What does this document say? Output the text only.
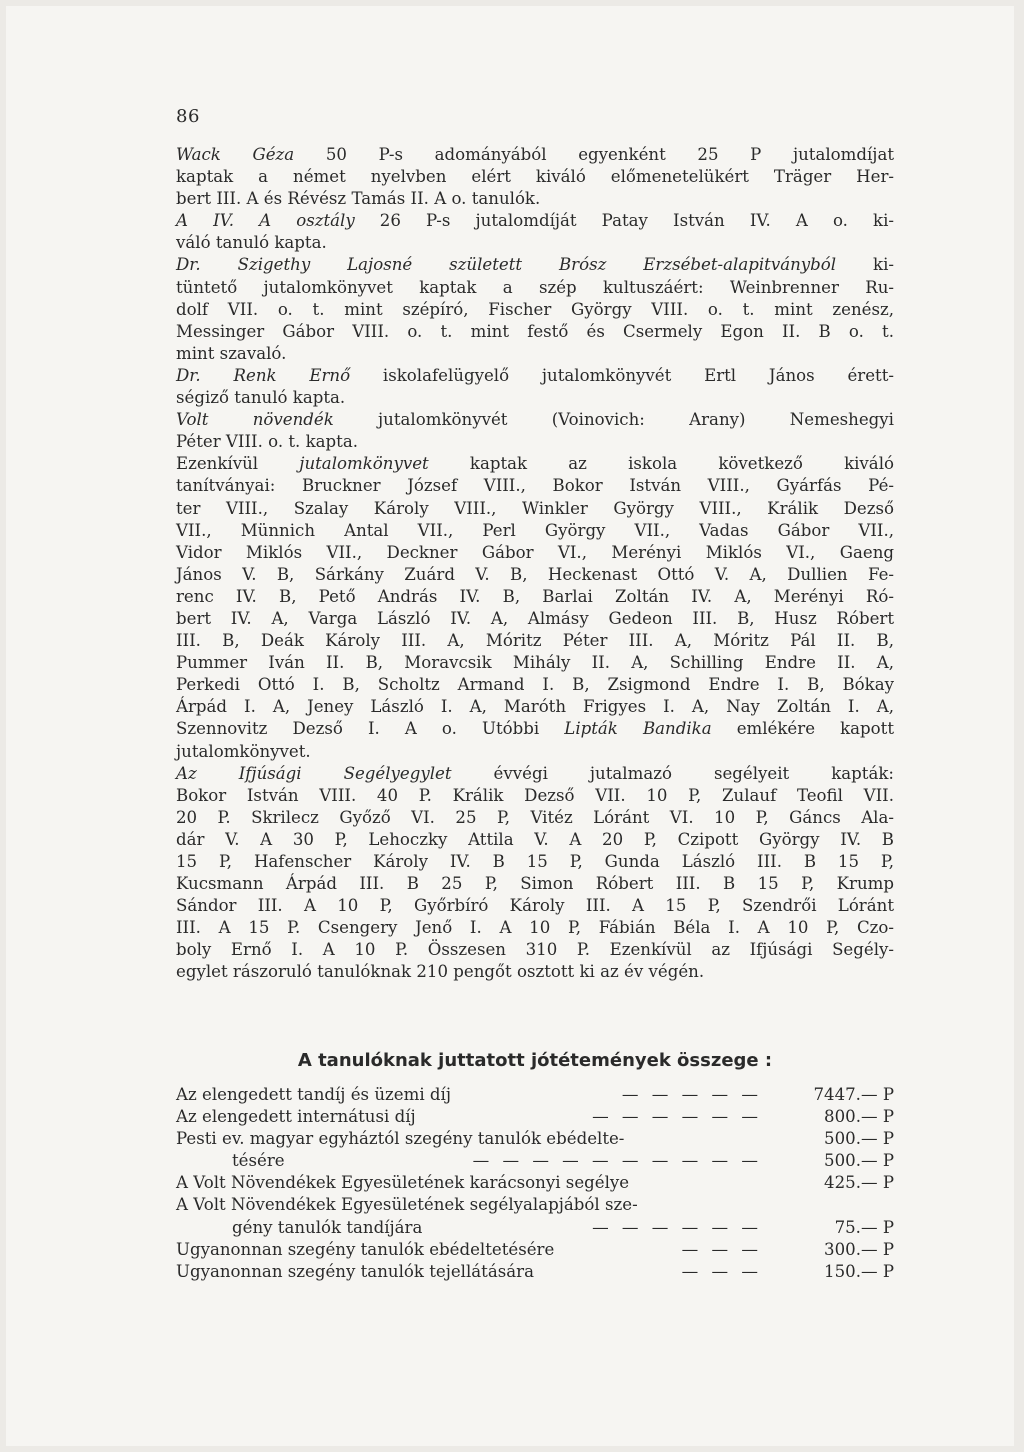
86
Wack Géza 50 P-s adományából egyenként 25 P jutalomdíjat
kaptak a német nyelvben elért kiváló előmenetelükért Träger Her-
bert III. A és Révész Tamás II. A o. tanulók.
A IV. A osztály 26 P-s jutalomdíját Patay István IV. A o. ki-
váló tanuló kapta.
Dr. Szigethy Lajosné született Brósz Erzsébet-alapitványból ki-
tüntető jutalomkönyvet kaptak a szép kultuszáért: Weinbrenner Ru-
dolf VII. o. t. mint szépíró, Fischer György VIII. o. t. mint zenész,
Messinger Gábor VIII. o. t. mint festő és Csermely Egon II. B o. t.
mint szavaló.
Dr. Renk Ernő iskolafelügyelő jutalomkönyvét Ertl János érett-
ségiző tanuló kapta.
Volt növendék jutalomkönyvét (Voinovich: Arany) Nemeshegyi
Péter VIII. o. t. kapta.
Ezenkívül jutalomkönyvet kaptak az iskola következő kiváló
tanítványai: Bruckner József VIII., Bokor István VIII., Gyárfás Pé-
ter VIII., Szalay Károly VIII., Winkler György VIII., Králik Dezső
VII., Münnich Antal VII., Perl György VII., Vadas Gábor VII.,
Vidor Miklós VII., Deckner Gábor VI., Merényi Miklós VI., Gaeng
János V. B, Sárkány Zuárd V. B, Heckenast Ottó V. A, Dullien Fe-
renc IV. B, Pető András IV. B, Barlai Zoltán IV. A, Merényi Ró-
bert IV. A, Varga László IV. A, Almásy Gedeon III. B, Husz Róbert
III. B, Deák Károly III. A, Móritz Péter III. A, Móritz Pál II. B,
Pummer Iván II. B, Moravcsik Mihály II. A, Schilling Endre II. A,
Perkedi Ottó I. B, Scholtz Armand I. B, Zsigmond Endre I. B, Bókay
Árpád I. A, Jeney László I. A, Maróth Frigyes I. A, Nay Zoltán I. A,
Szennovitz Dezső I. A o. Utóbbi Lipták Bandika emlékére kapott
jutalomkönyvet.
Az Ifjúsági Segélyegylet évvégi jutalmazó segélyeit kapták:
Bokor István VIII. 40 P. Králik Dezső VII. 10 P, Zulauf Teofil VII.
20 P. Skrilecz Győző VI. 25 P, Vitéz Lóránt VI. 10 P, Gáncs Ala-
dár V. A 30 P, Lehoczky Attila V. A 20 P, Czipott György IV. B
15 P, Hafenscher Károly IV. B 15 P, Gunda László III. B 15 P,
Kucsmann Árpád III. B 25 P, Simon Róbert III. B 15 P, Krump
Sándor III. A 10 P, Győrbíró Károly III. A 15 P, Szendrői Lóránt
III. A 15 P. Csengery Jenő I. A 10 P, Fábián Béla I. A 10 P, Czo-
boly Ernő I. A 10 P. Összesen 310 P. Ezenkívül az Ifjúsági Segély-
egylet rászoruló tanulóknak 210 pengőt osztott ki az év végén.
A tanulóknak juttatott jótétemények összege :
Az elengedett tandíj és üzemi díj	— — — — —	7447.— P
Az elengedett internátusi díj	— — — — — —	800.— P
Pesti ev. magyar egyháztól szegény tanulók ebédelte-	500.— P
tésére	— — — — — — — — — —	500.— P
A Volt Növendékek Egyesületének karácsonyi segélye	425.— P
A Volt Növendékek Egyesületének segélyalapjából sze-
gény tanulók tandíjára	— — — — — —	75.— P
Ugyanonnan szegény tanulók ebédeltetésére	— — —	300.— P
Ugyanonnan szegény tanulók tejellátására	— — —	150.— P
